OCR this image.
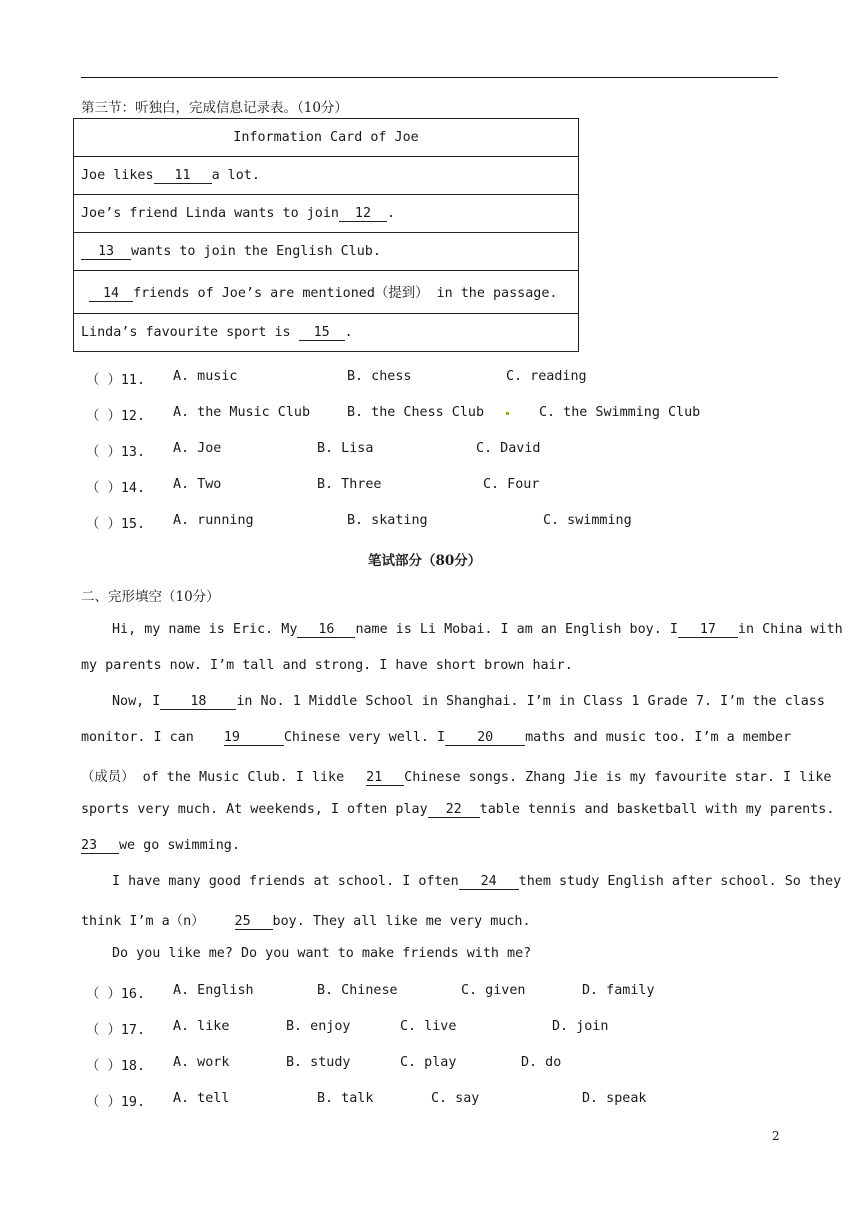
第三节：听独白，完成信息记录表。（10分）
Information Card of Joe
Joe likes 11 a lot.
Joe’s friend Linda wants to join 12 .
13 wants to join the English Club.
14 friends of Joe’s are mentioned（提到） in the passage.
Linda’s favourite sport is 15 .
（ ）11. A. music	B. chess	C. reading
（ ）12. A. the Music Club	B. the Chess Club	C. the Swimming Club
（ ）13. A. Joe	B. Lisa	C. David
（ ）14. A. Two	B. Three	C. Four
（ ）15. A. running	B. skating	C. swimming
笔试部分（80分）
二、完形填空（10分）
Hi, my name is Eric. My 16 name is Li Mobai. I am an English boy. I 17 in China with
my parents now. I’m tall and strong. I have short brown hair.
Now, I 18 in No. 1 Middle School in Shanghai. I’m in Class 1 Grade 7. I’m the class
monitor. I can 19	Chinese very well. I 20 maths and music too. I’m a member
（成员） of the Music Club. I like 21 Chinese songs. Zhang Jie is my favourite star. I like
sports very much. At weekends, I often play 22 table tennis and basketball with my parents.
23 we go swimming.
I have many good friends at school. I often 24 them study English after school. So they
think I’m a（n） 25 boy. They all like me very much.
Do you like me? Do you want to make friends with me?
（ ）16. A. English	B. Chinese	C. given	D. family
（ ）17. A. like	B. enjoy	C. live	D. join
（ ）18. A. work	B. study	C. play	D. do
（ ）19. A. tell	B. talk	C. say	D. speak
2
